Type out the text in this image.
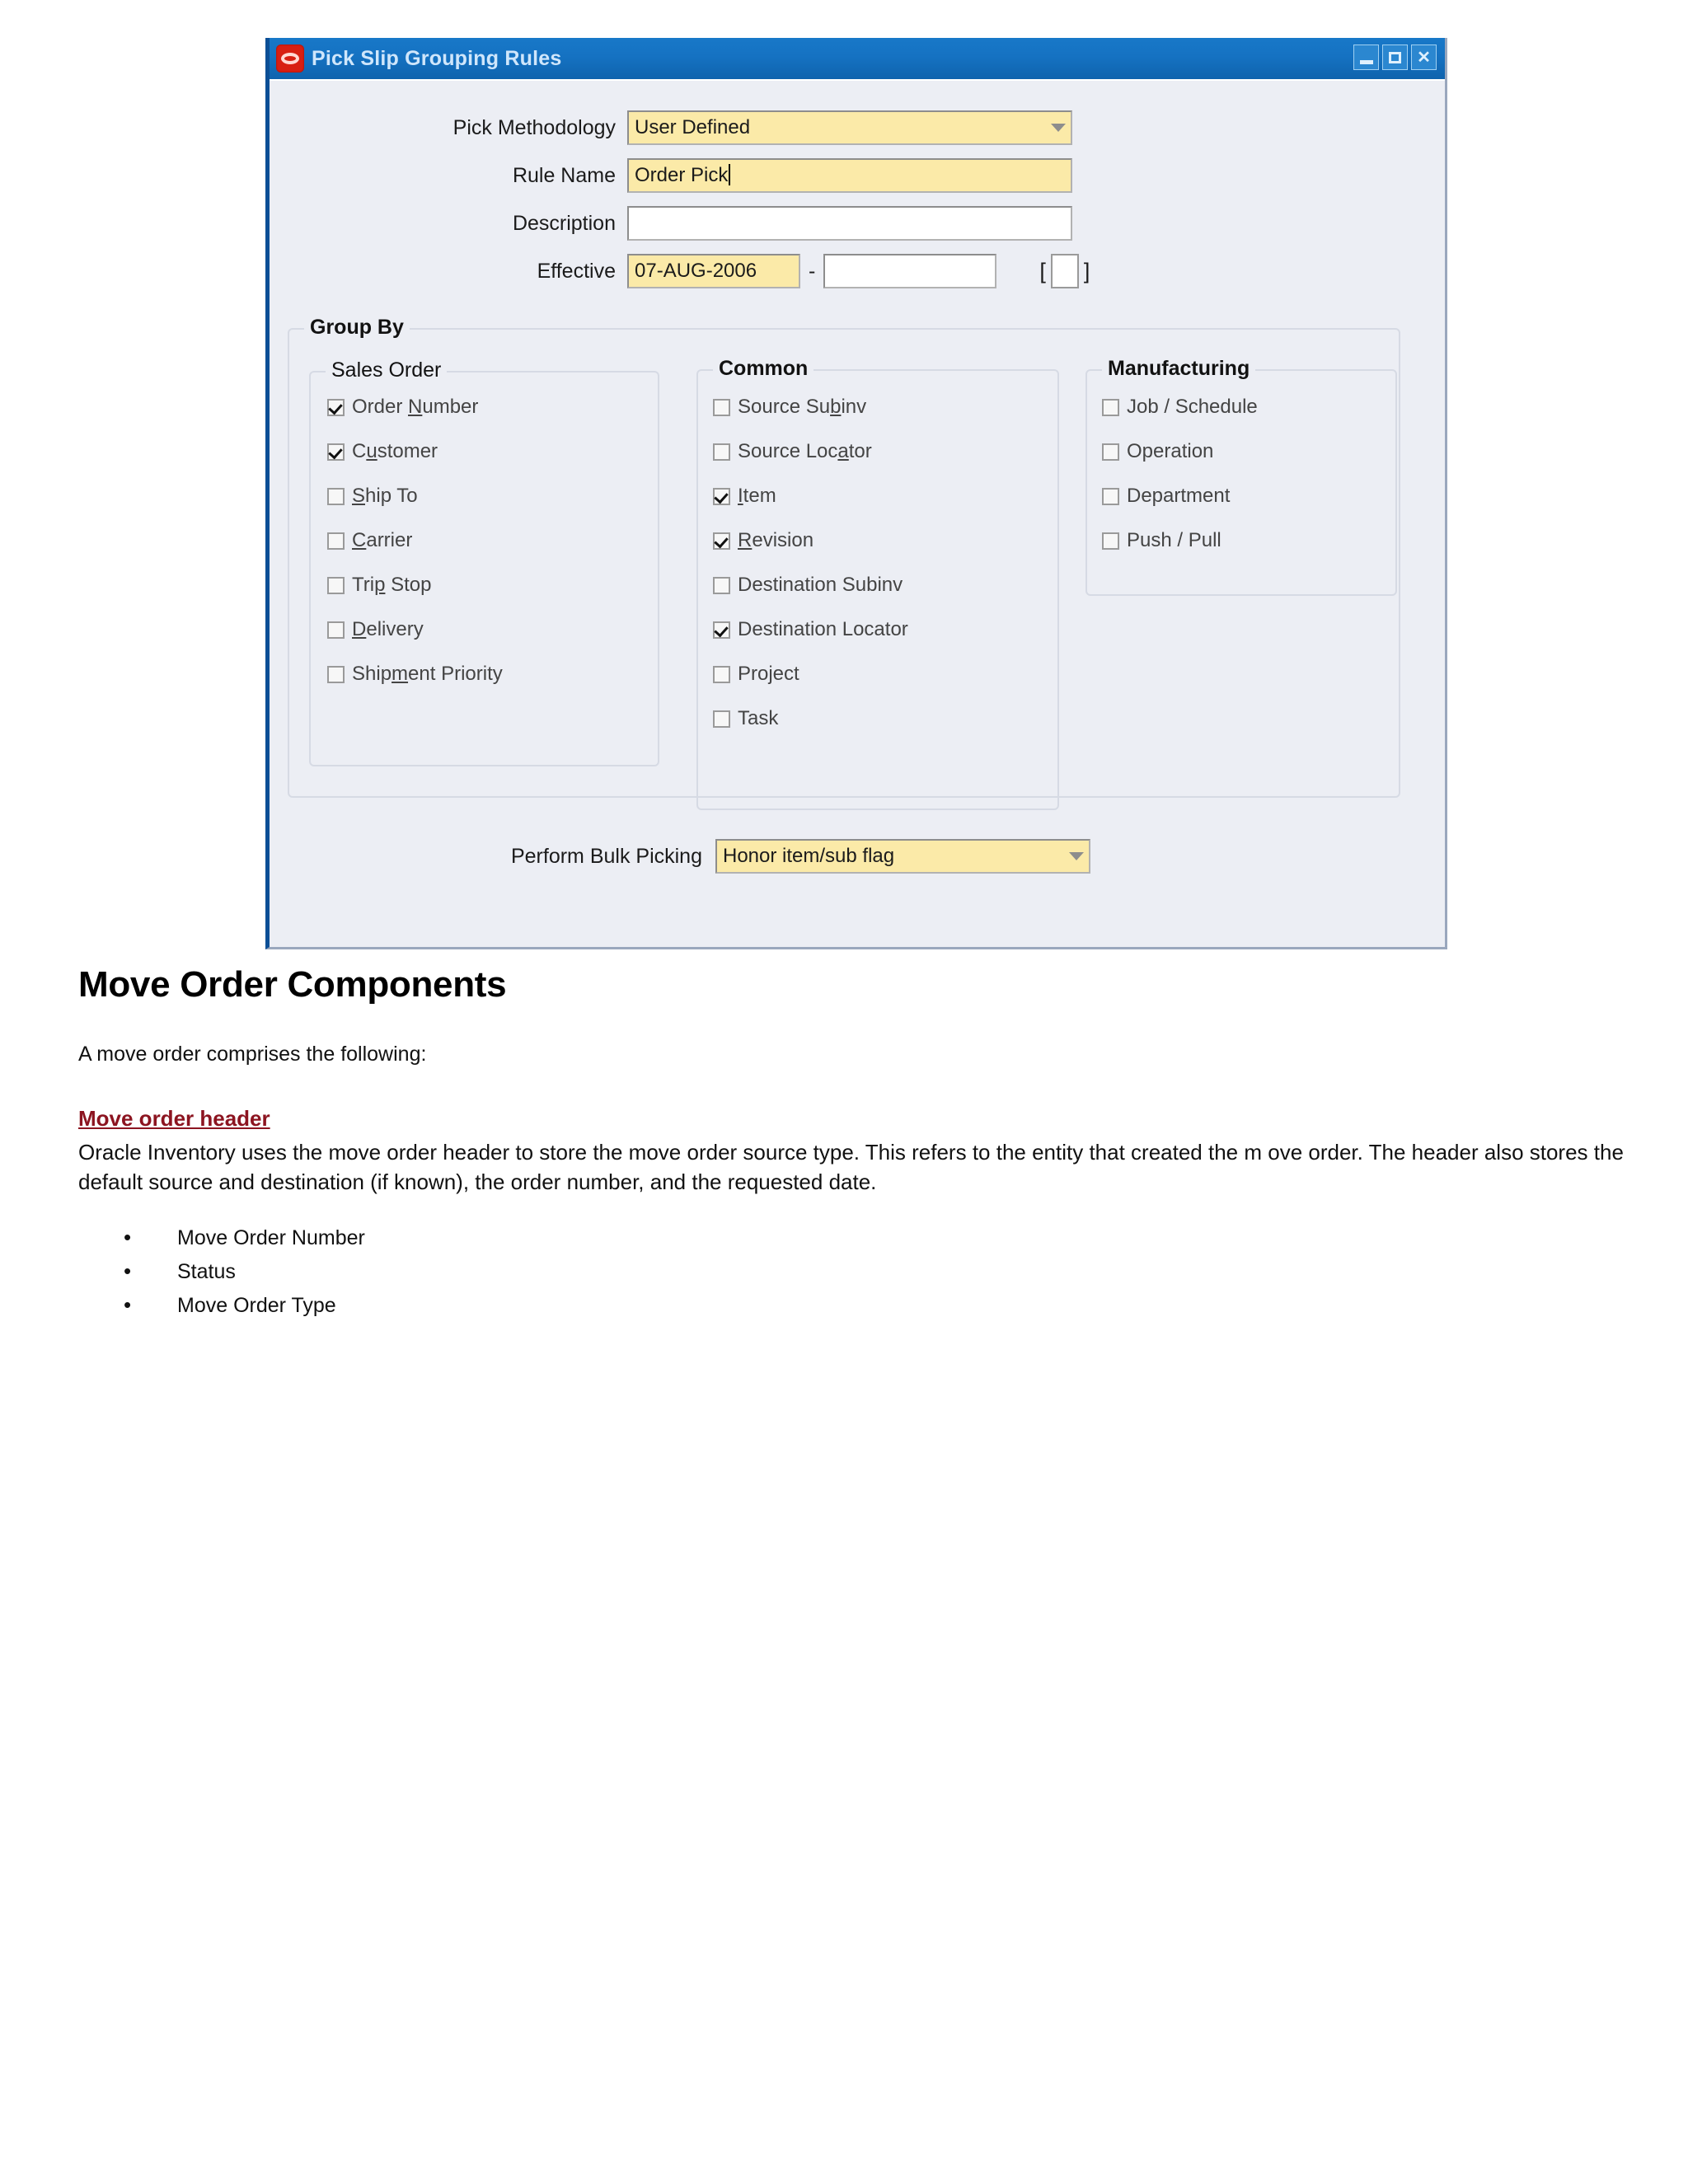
Pick Slip Grouping Rules	✕
Pick Methodology User Defined
Rule Name Order Pick
Description
Effective 07-AUG-2006	-	[ ]
Group By
Sales Order
Order Number
Customer
Ship To
Carrier
Trip Stop
Delivery
Shipment Priority
Common
Source Subinv
Source Locator
Item
Revision
Destination Subinv
Destination Locator
Project
Task
Manufacturing
Job / Schedule
Operation
Department
Push / Pull
Perform Bulk Picking	Honor item/sub flag
Move Order Components
A move order comprises the following:
Move order header
Oracle Inventory uses the move order header to store the move order source type. This refers to the entity that created the m ove order. The header also stores the default source and destination (if known), the order number, and the requested date.
• Move Order Number
• Status
• Move Order Type
